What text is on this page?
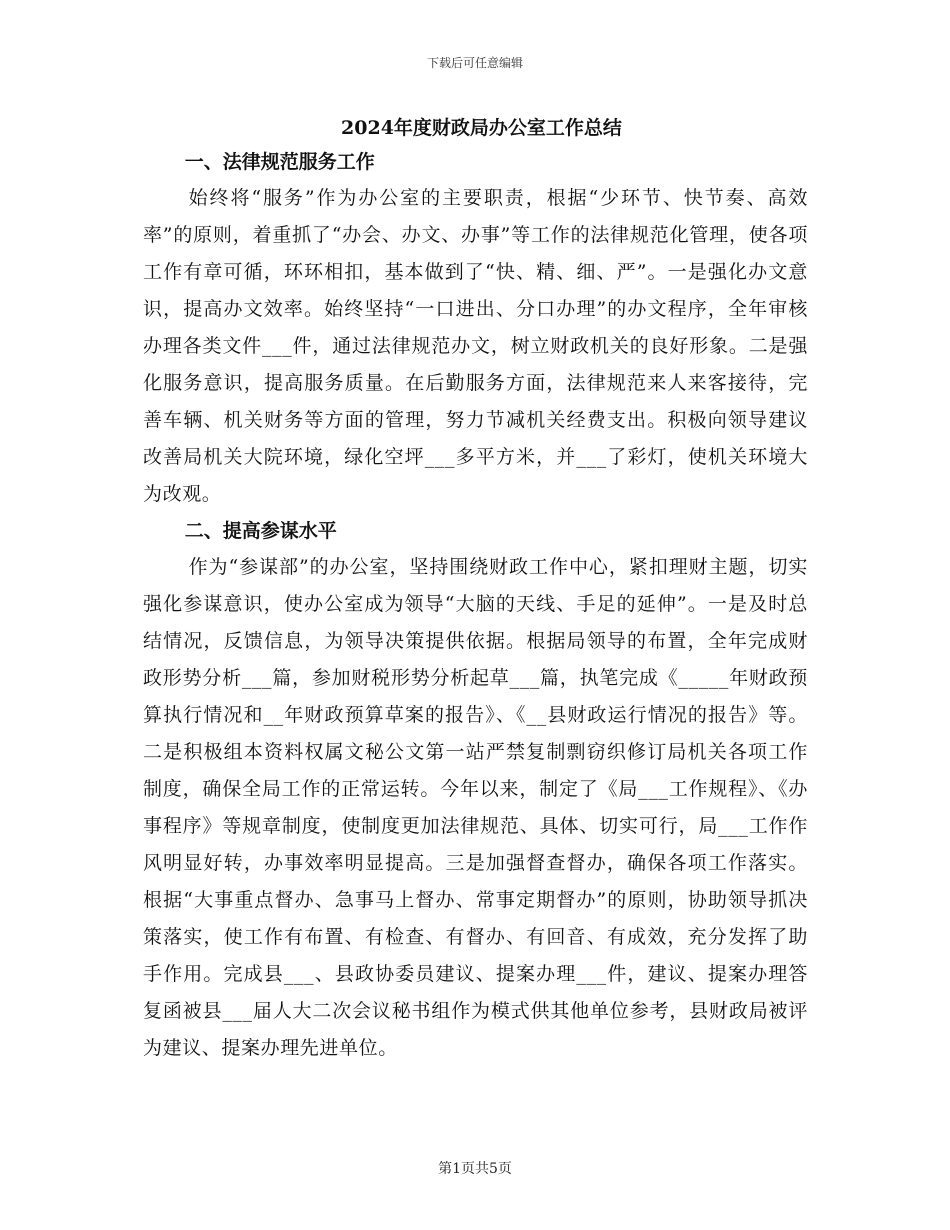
下载后可任意编辑
2024年度财政局办公室工作总结
一、法律规范服务工作

始终将“服务”作为办公室的主要职责，根据“少环节、快节奏、高效率”的原则，着重抓了“办会、办文、办事”等工作的法律规范化管理，使各项工作有章可循，环环相扣，基本做到了“快、精、细、严”。一是强化办文意识，提高办文效率。始终坚持“一口进出、分口办理”的办文程序，全年审核办理各类文件___件，通过法律规范办文，树立财政机关的良好形象。二是强化服务意识，提高服务质量。在后勤服务方面，法律规范来人来客接待，完善车辆、机关财务等方面的管理，努力节减机关经费支出。积极向领导建议改善局机关大院环境，绿化空坪___多平方米，并___了彩灯，使机关环境大为改观。

二、提高参谋水平

作为“参谋部”的办公室，坚持围绕财政工作中心，紧扣理财主题，切实强化参谋意识，使办公室成为领导“大脑的天线、手足的延伸”。一是及时总结情况，反馈信息，为领导决策提供依据。根据局领导的布置，全年完成财政形势分析___篇，参加财税形势分析起草___篇，执笔完成《_____年财政预算执行情况和__年财政预算草案的报告》、《__县财政运行情况的报告》等。二是积极组本资料权属文秘公文第一站严禁复制剽窃织修订局机关各项工作制度，确保全局工作的正常运转。今年以来，制定了《局___工作规程》、《办事程序》等规章制度，使制度更加法律规范、具体、切实可行，局___工作作风明显好转，办事效率明显提高。三是加强督查督办，确保各项工作落实。根据“大事重点督办、急事马上督办、常事定期督办”的原则，协助领导抓决策落实，使工作有布置、有检查、有督办、有回音、有成效，充分发挥了助手作用。完成县___、县政协委员建议、提案办理___件，建议、提案办理答复函被县___届人大二次会议秘书组作为模式供其他单位参考，县财政局被评为建议、提案办理先进单位。

第1页共5页
